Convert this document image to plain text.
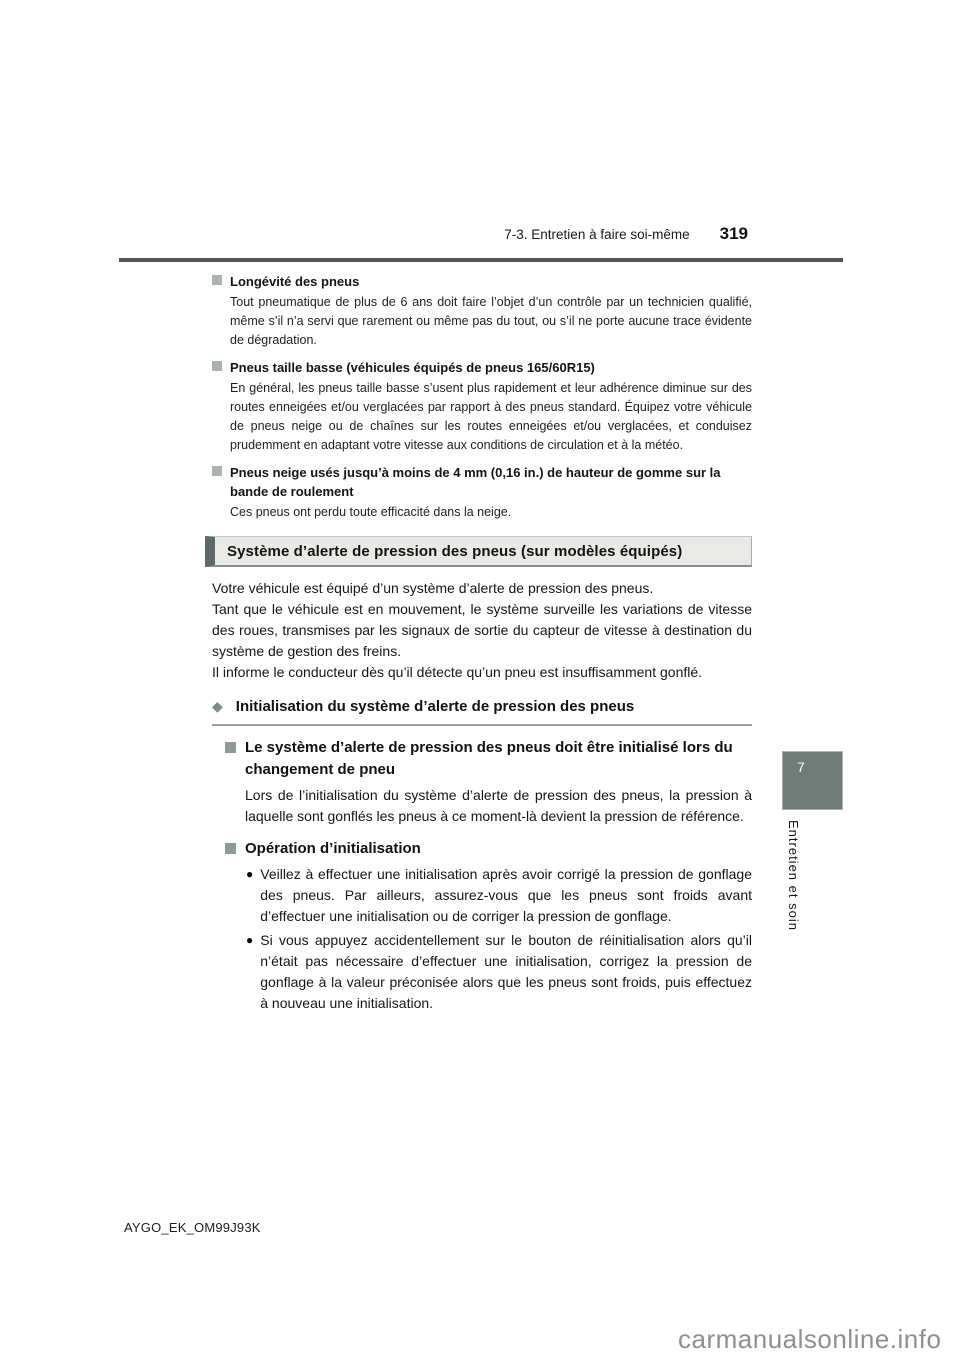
7-3. Entretien à faire soi-même 319
Longévité des pneus
Tout pneumatique de plus de 6 ans doit faire l’objet d’un contrôle par un technicien qualifié, même s’il n’a servi que rarement ou même pas du tout, ou s’il ne porte aucune trace évidente de dégradation.
Pneus taille basse (véhicules équipés de pneus 165/60R15)
En général, les pneus taille basse s’usent plus rapidement et leur adhérence diminue sur des routes enneigées et/ou verglacées par rapport à des pneus standard. Équipez votre véhicule de pneus neige ou de chaînes sur les routes enneigées et/ou verglacées, et conduisez prudemment en adaptant votre vitesse aux conditions de circulation et à la météo.
Pneus neige usés jusqu’à moins de 4 mm (0,16 in.) de hauteur de gomme sur la bande de roulement
Ces pneus ont perdu toute efficacité dans la neige.
Système d’alerte de pression des pneus (sur modèles équipés)

Votre véhicule est équipé d’un système d’alerte de pression des pneus.

Tant que le véhicule est en mouvement, le système surveille les variations de vitesse des roues, transmises par les signaux de sortie du capteur de vitesse à destination du système de gestion des freins.

Il informe le conducteur dès qu’il détecte qu’un pneu est insuffisamment gonflé.

◆ Initialisation du système d’alerte de pression des pneus
Le système d’alerte de pression des pneus doit être initialisé lors du changement de pneu
Lors de l’initialisation du système d’alerte de pression des pneus, la pression à laquelle sont gonflés les pneus à ce moment-là devient la pression de référence.
Opération d’initialisation
● Veillez à effectuer une initialisation après avoir corrigé la pression de gonflage des pneus. Par ailleurs, assurez-vous que les pneus sont froids avant d’effectuer une initialisation ou de corriger la pression de gonflage.
● Si vous appuyez accidentellement sur le bouton de réinitialisation alors qu’il n’était pas nécessaire d’effectuer une initialisation, corrigez la pression de gonflage à la valeur préconisée alors que les pneus sont froids, puis effectuez à nouveau une initialisation.
7
Entretien et soin
AYGO_EK_OM99J93K
carmanualsonline.info
